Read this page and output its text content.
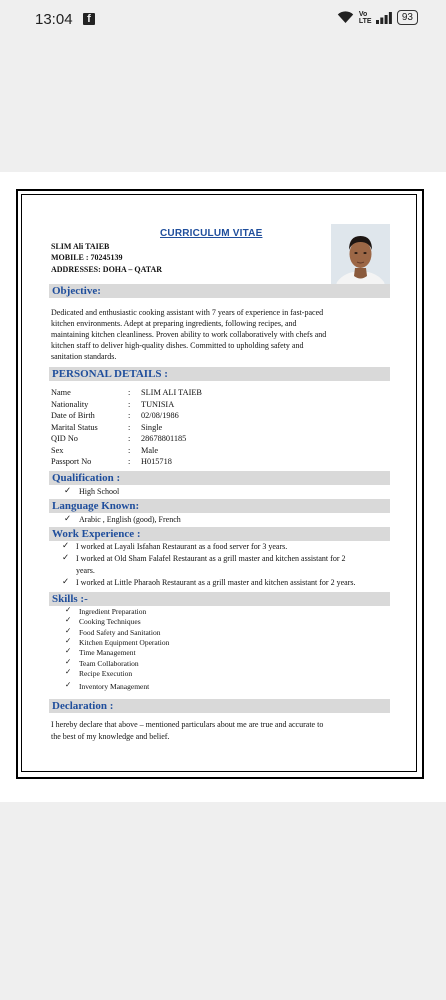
13:04	f	Vo LTE	93
CURRICULUM VITAE
SLIM Ali TAIEB
MOBILE : 70245139
ADDRESSES: DOHA – QATAR
Objective:
Dedicated and enthusiastic cooking assistant with 7 years of experience in fast-paced
kitchen environments. Adept at preparing ingredients, following recipes, and
maintaining kitchen cleanliness. Proven ability to work collaboratively with chefs and
kitchen staff to deliver high-quality dishes. Committed to upholding safety and
sanitation standards.
PERSONAL DETAILS :
Name	: SLIM ALI TAIEB
Nationality	: TUNISIA
Date of Birth	: 02/08/1986
Marital Status	: Single
QID No	: 28678801185
Sex	: Male
Passport No	: H015718
Qualification :
✓ High School
Language Known:
✓ Arabic , English (good), French
Work Experience :
✓ I worked at Layali Isfahan Restaurant as a food server for 3 years.
✓ I worked at Old Sham Falafel Restaurant as a grill master and kitchen assistant for 2
years.
✓ I worked at Little Pharaoh Restaurant as a grill master and kitchen assistant for 2 years.
Skills :-
✓ Ingredient Preparation
✓ Cooking Techniques
✓ Food Safety and Sanitation
✓ Kitchen Equipment Operation
✓ Time Management
✓ Team Collaboration
✓ Recipe Execution
✓ Inventory Management
Declaration :
I hereby declare that above – mentioned particulars about me are true and accurate to
the best of my knowledge and belief.
